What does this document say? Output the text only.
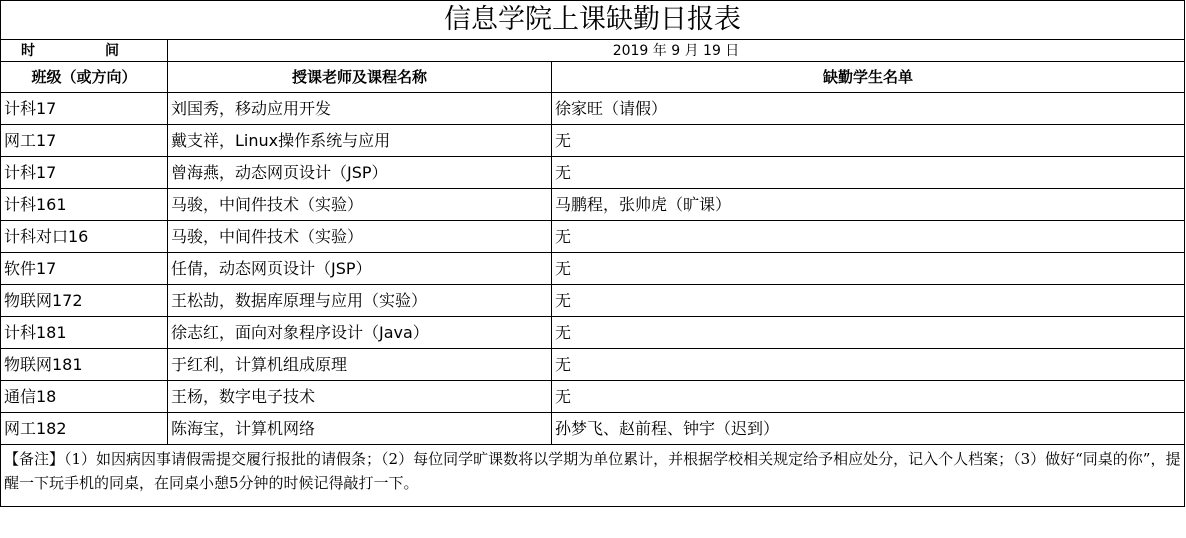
信息学院上课缺勤日报表		
时　间	2019 年 9 月 19 日	
班级（或方向）	授课老师及课程名称	缺勤学生名单
计科17	刘国秀，移动应用开发	徐家旺（请假）
网工17	戴支祥，Linux操作系统与应用	无
计科17	曾海燕，动态网页设计（JSP）	无
计科161	马骏，中间件技术（实验）	马鹏程，张帅虎（旷课）
计科对口16	马骏，中间件技术（实验）	无
软件17	任倩，动态网页设计（JSP）	无
物联网172	王松劼，数据库原理与应用（实验）	无
计科181	徐志红，面向对象程序设计（Java）	无
物联网181	于红利，计算机组成原理	无
通信18	王杨，数字电子技术	无
网工182	陈海宝，计算机网络	孙梦飞、赵前程、钟宇（迟到）
【备注】（1）如因病因事请假需提交履行报批的请假条；（2）每位同学旷课数将以学期为单位累计，并根据学校相关规定给予相应处分，记入个人档案；（3）做好“同桌的你”，提醒一下玩手机的同桌，在同桌小憩5分钟的时候记得敲打一下。		
